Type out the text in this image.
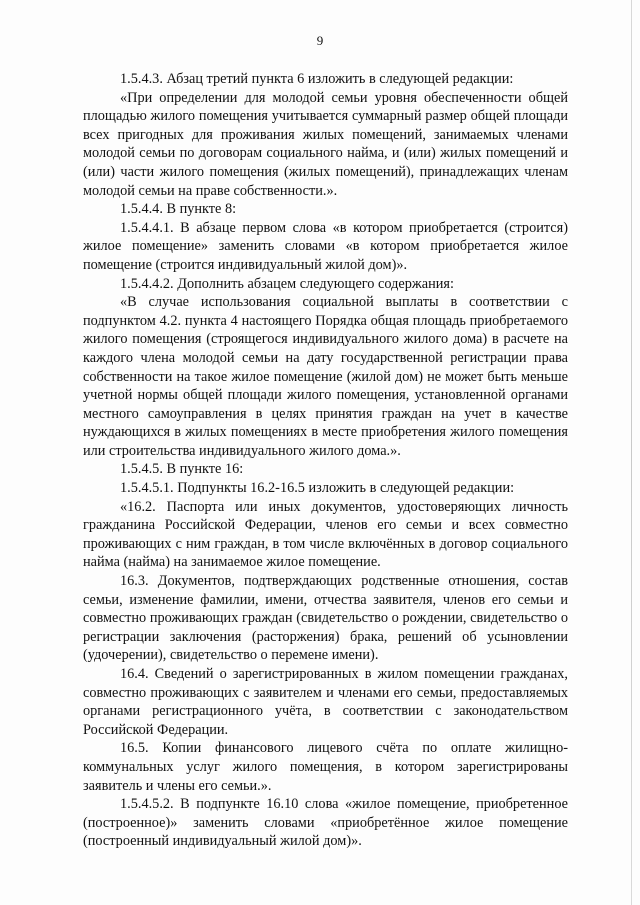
9

1.5.4.3. Абзац третий пункта 6 изложить в следующей редакции:

«При определении для молодой семьи уровня обеспеченности общей площадью жилого помещения учитывается суммарный размер общей площади всех пригодных для проживания жилых помещений, занимаемых членами молодой семьи по договорам социального найма, и (или) жилых помещений и (или) части жилого помещения (жилых помещений), принадлежащих членам молодой семьи на праве собственности.».

1.5.4.4. В пункте 8:

1.5.4.4.1. В абзаце первом слова «в котором приобретается (строится) жилое помещение» заменить словами «в котором приобретается жилое помещение (строится индивидуальный жилой дом)».

1.5.4.4.2. Дополнить абзацем следующего содержания:

«В случае использования социальной выплаты в соответствии с подпунктом 4.2. пункта 4 настоящего Порядка общая площадь приобретаемого жилого помещения (строящегося индивидуального жилого дома) в расчете на каждого члена молодой семьи на дату государственной регистрации права собственности на такое жилое помещение (жилой дом) не может быть меньше учетной нормы общей площади жилого помещения, установленной органами местного самоуправления в целях принятия граждан на учет в качестве нуждающихся в жилых помещениях в месте приобретения жилого помещения или строительства индивидуального жилого дома.».

1.5.4.5. В пункте 16:

1.5.4.5.1. Подпункты 16.2-16.5 изложить в следующей редакции:

«16.2. Паспорта или иных документов, удостоверяющих личность гражданина Российской Федерации, членов его семьи и всех совместно проживающих с ним граждан, в том числе включённых в договор социального найма (найма) на занимаемое жилое помещение.

16.3. Документов, подтверждающих родственные отношения, состав семьи, изменение фамилии, имени, отчества заявителя, членов его семьи и совместно проживающих граждан (свидетельство о рождении, свидетельство о регистрации заключения (расторжения) брака, решений об усыновлении (удочерении), свидетельство о перемене имени).

16.4. Сведений о зарегистрированных в жилом помещении гражданах, совместно проживающих с заявителем и членами его семьи, предоставляемых органами регистрационного учёта, в соответствии с законодательством Российской Федерации.

16.5. Копии финансового лицевого счёта по оплате жилищно-коммунальных услуг жилого помещения, в котором зарегистрированы заявитель и члены его семьи.».

1.5.4.5.2. В подпункте 16.10 слова «жилое помещение, приобретенное (построенное)» заменить словами «приобретённое жилое помещение (построенный индивидуальный жилой дом)».
